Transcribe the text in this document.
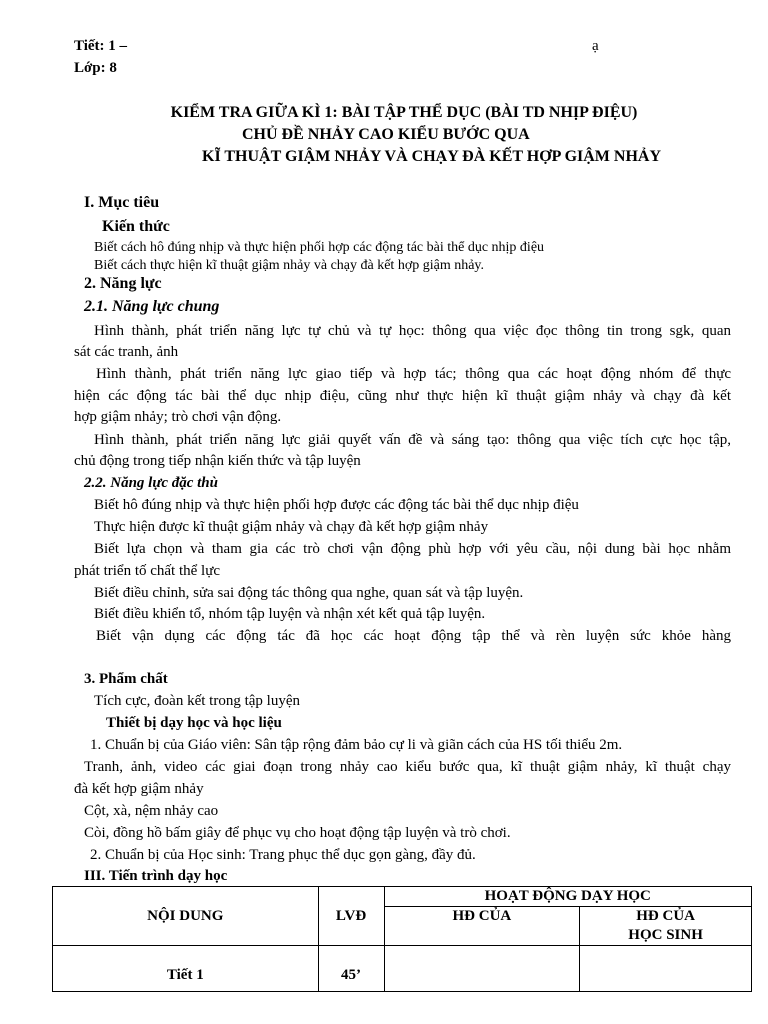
Tiết: 1 –	ạ
Lớp: 8
KIỂM TRA GIỮA KÌ 1: BÀI TẬP THỂ DỤC (BÀI TD NHỊP ĐIỆU)
CHỦ ĐỀ NHẢY CAO KIỂU BƯỚC QUA
KĨ THUẬT GIẬM NHẢY VÀ CHẠY ĐÀ KẾT HỢP GIẬM NHẢY
I. Mục tiêu
Kiến thức
Biết cách hô đúng nhịp và thực hiện phối hợp các động tác bài thể dục nhịp điệu
Biết cách thực hiện kĩ thuật giậm nhảy và chạy đà kết hợp giậm nhảy.
2. Năng lực
2.1. Năng lực chung
Hình thành, phát triển năng lực tự chủ và tự học: thông qua việc đọc thông tin trong sgk, quan
sát các tranh, ảnh
Hình thành, phát triển năng lực giao tiếp và hợp tác; thông qua các hoạt động nhóm để thực
hiện các động tác bài thể dục nhịp điệu, cũng như thực hiện kĩ thuật giậm nhảy và chạy đà kết
hợp giậm nhảy; trò chơi vận động.
Hình thành, phát triển năng lực giải quyết vấn đề và sáng tạo: thông qua việc tích cực học tập,
chủ động trong tiếp nhận kiến thức và tập luyện
2.2. Năng lực đặc thù
Biết hô đúng nhịp và thực hiện phối hợp được các động tác bài thể dục nhịp điệu
Thực hiện được kĩ thuật giậm nhảy và chạy đà kết hợp giậm nhảy
Biết lựa chọn và tham gia các trò chơi vận động phù hợp với yêu cầu, nội dung bài học nhằm
phát triển tố chất thể lực
Biết điều chỉnh, sửa sai động tác thông qua nghe, quan sát và tập luyện.
Biết điều khiển tổ, nhóm tập luyện và nhận xét kết quả tập luyện.
Biết vận dụng các động tác đã học các hoạt động tập thể và rèn luyện sức khỏe hàng
3. Phẩm chất
Tích cực, đoàn kết trong tập luyện
Thiết bị dạy học và học liệu
1. Chuẩn bị của Giáo viên: Sân tập rộng đảm bảo cự li và giãn cách của HS tối thiểu 2m.
Tranh, ảnh, video các giai đoạn trong nhảy cao kiểu bước qua, kĩ thuật giậm nhảy, kĩ thuật chạy
đà kết hợp giậm nhảy
Cột, xà, nệm nhảy cao
Còi, đồng hồ bấm giây để phục vụ cho hoạt động tập luyện và trò chơi.
2. Chuẩn bị của Học sinh: Trang phục thể dục gọn gàng, đầy đủ.
III. Tiến trình dạy học
NỘI DUNG	LVĐ	HOẠT ĐỘNG DẠY HỌC	
		HĐ CỦA	HĐ CỦA
HỌC SINH

Tiết 1	45’		
